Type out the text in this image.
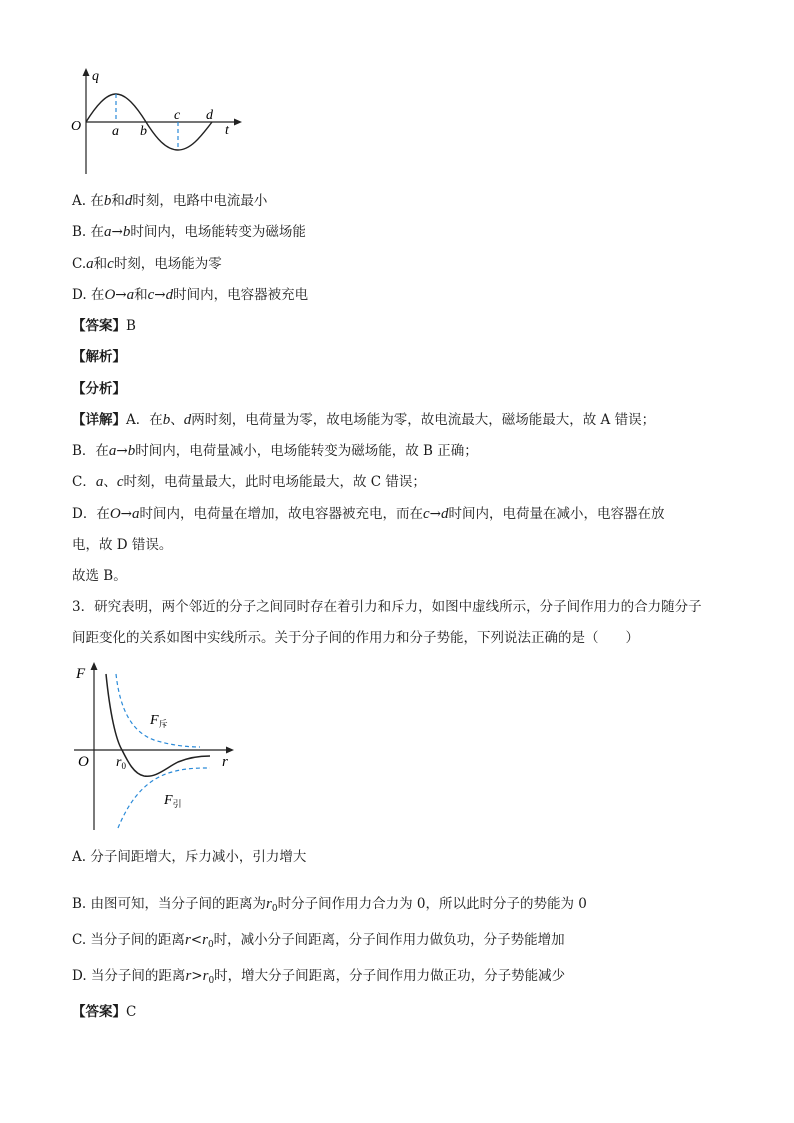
q
O	t
a b
c d
A. 在b和d时刻，电路中电流最小
B. 在a→b时间内，电场能转变为磁场能
C.a和c时刻，电场能为零
D. 在O→a和c→d时间内，电容器被充电
【答案】B
【解析】
【分析】
【详解】A．在b、d两时刻，电荷量为零，故电场能为零，故电流最大，磁场能最大，故 A 错误；
B．在a→b时间内，电荷量减小，电场能转变为磁场能，故 B 正确；
C．a、c时刻，电荷量最大，此时电场能最大，故 C 错误；
D．在O→a时间内，电荷量在增加，故电容器被充电，而在c→d时间内，电荷量在减小，电容器在放
电，故 D 错误。
故选 B。
3．研究表明，两个邻近的分子之间同时存在着引力和斥力，如图中虚线所示，分子间作用力的合力随分子
间距变化的关系如图中实线所示。关于分子间的作用力和分子势能，下列说法正确的是（　　）
F
O	r
$r_0$
$F_斥$
$F_引$
A. 分子间距增大，斥力减小，引力增大
B. 由图可知，当分子间的距离为$r_0$时分子间作用力合力为 0，所以此时分子的势能为 0
C. 当分子间的距离$r<r_0$时，减小分子间距离，分子间作用力做负功，分子势能增加
D. 当分子间的距离$r>r_0$时，增大分子间距离，分子间作用力做正功，分子势能减少
【答案】C
